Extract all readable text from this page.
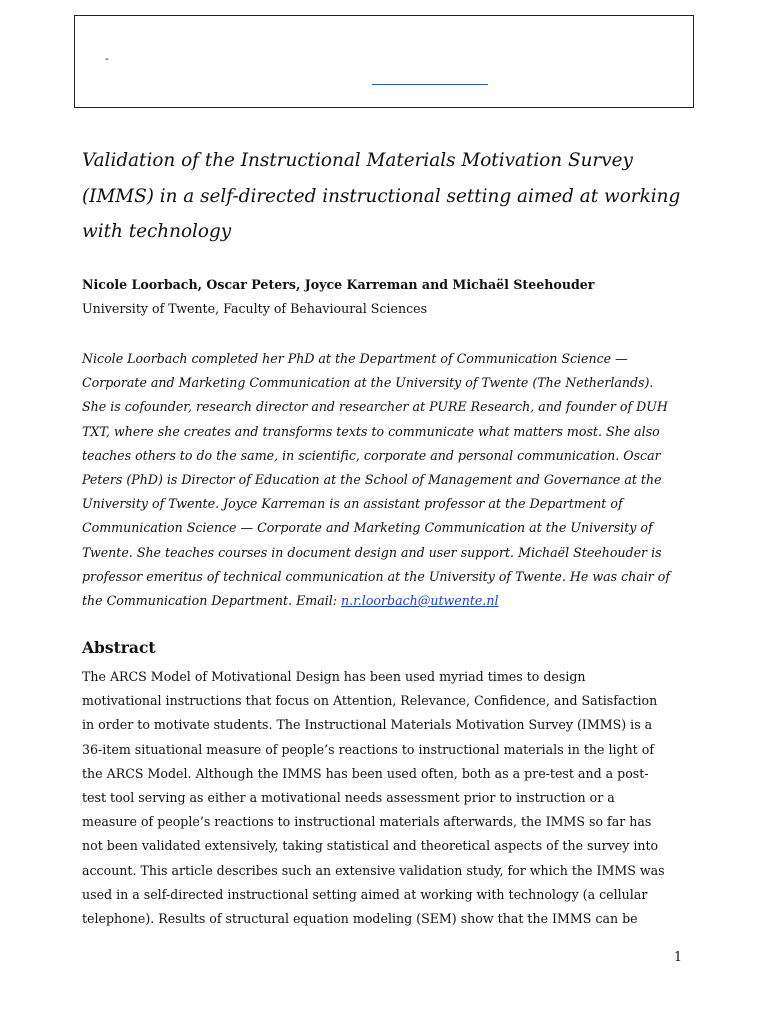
-
Validation of the Instructional Materials Motivation Survey (IMMS) in a self-directed instructional setting aimed at working with technology

Nicole Loorbach, Oscar Peters, Joyce Karreman and Michaël Steehouder

University of Twente, Faculty of Behavioural Sciences

Nicole Loorbach completed her PhD at the Department of Communication Science —
Corporate and Marketing Communication at the University of Twente (The Netherlands).
She is cofounder, research director and researcher at PURE Research, and founder of DUH
TXT, where she creates and transforms texts to communicate what matters most. She also
teaches others to do the same, in scientific, corporate and personal communication. Oscar
Peters (PhD) is Director of Education at the School of Management and Governance at the
University of Twente. Joyce Karreman is an assistant professor at the Department of
Communication Science — Corporate and Marketing Communication at the University of
Twente. She teaches courses in document design and user support. Michaël Steehouder is
professor emeritus of technical communication at the University of Twente. He was chair of
the Communication Department. Email: n.r.loorbach@utwente.nl

Abstract

The ARCS Model of Motivational Design has been used myriad times to design
motivational instructions that focus on Attention, Relevance, Confidence, and Satisfaction
in order to motivate students. The Instructional Materials Motivation Survey (IMMS) is a
36-item situational measure of people’s reactions to instructional materials in the light of
the ARCS Model. Although the IMMS has been used often, both as a pre-test and a post-
test tool serving as either a motivational needs assessment prior to instruction or a
measure of people’s reactions to instructional materials afterwards, the IMMS so far has
not been validated extensively, taking statistical and theoretical aspects of the survey into
account. This article describes such an extensive validation study, for which the IMMS was
used in a self-directed instructional setting aimed at working with technology (a cellular
telephone). Results of structural equation modeling (SEM) show that the IMMS can be

1
